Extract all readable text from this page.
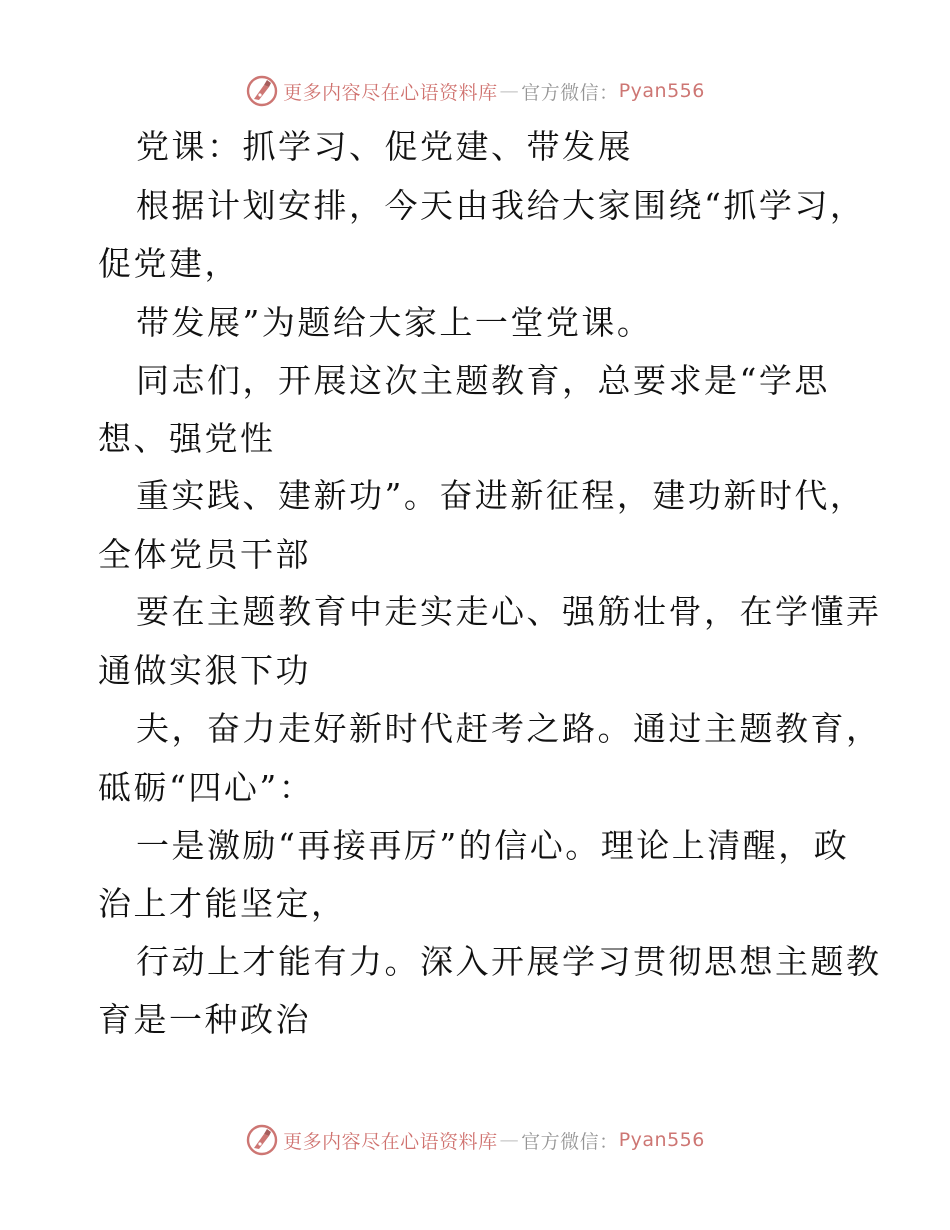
更多内容尽在心语资料库 — 官方微信： Pyan556
党课：抓学习、促党建、带发展
根据计划安排，今天由我给大家围绕“抓学习，
促党建，
带发展”为题给大家上一堂党课。
同志们，开展这次主题教育，总要求是“学思
想、强党性
重实践、建新功”。奋进新征程，建功新时代，
全体党员干部
要在主题教育中走实走心、强筋壮骨，在学懂弄
通做实狠下功
夫，奋力走好新时代赶考之路。通过主题教育，
砥砺“四心”：
一是激励“再接再厉”的信心。理论上清醒，政
治上才能坚定，
行动上才能有力。深入开展学习贯彻思想主题教
育是一种政治
更多内容尽在心语资料库 — 官方微信： Pyan556
